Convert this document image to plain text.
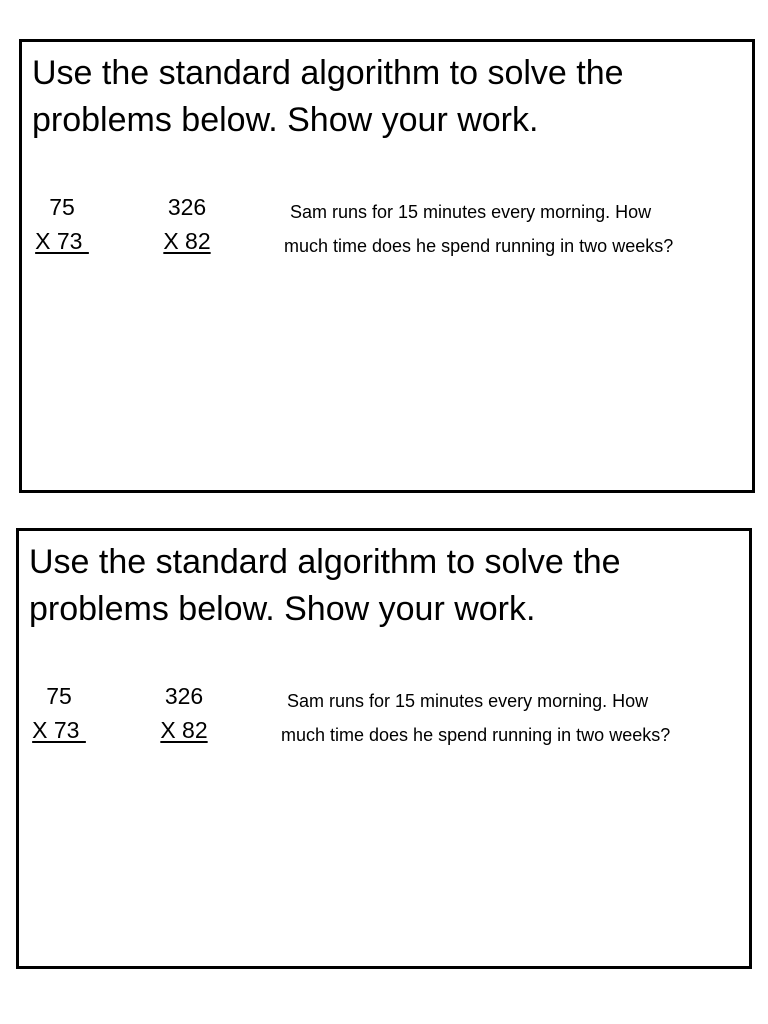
Use the standard algorithm to solve the
problems below. Show your work.
75
X 73
326
X 82

Sam runs for 15 minutes every morning. How
much time does he spend running in two weeks?

Use the standard algorithm to solve the
problems below. Show your work.
75
X 73
326
X 82

Sam runs for 15 minutes every morning. How
much time does he spend running in two weeks?
